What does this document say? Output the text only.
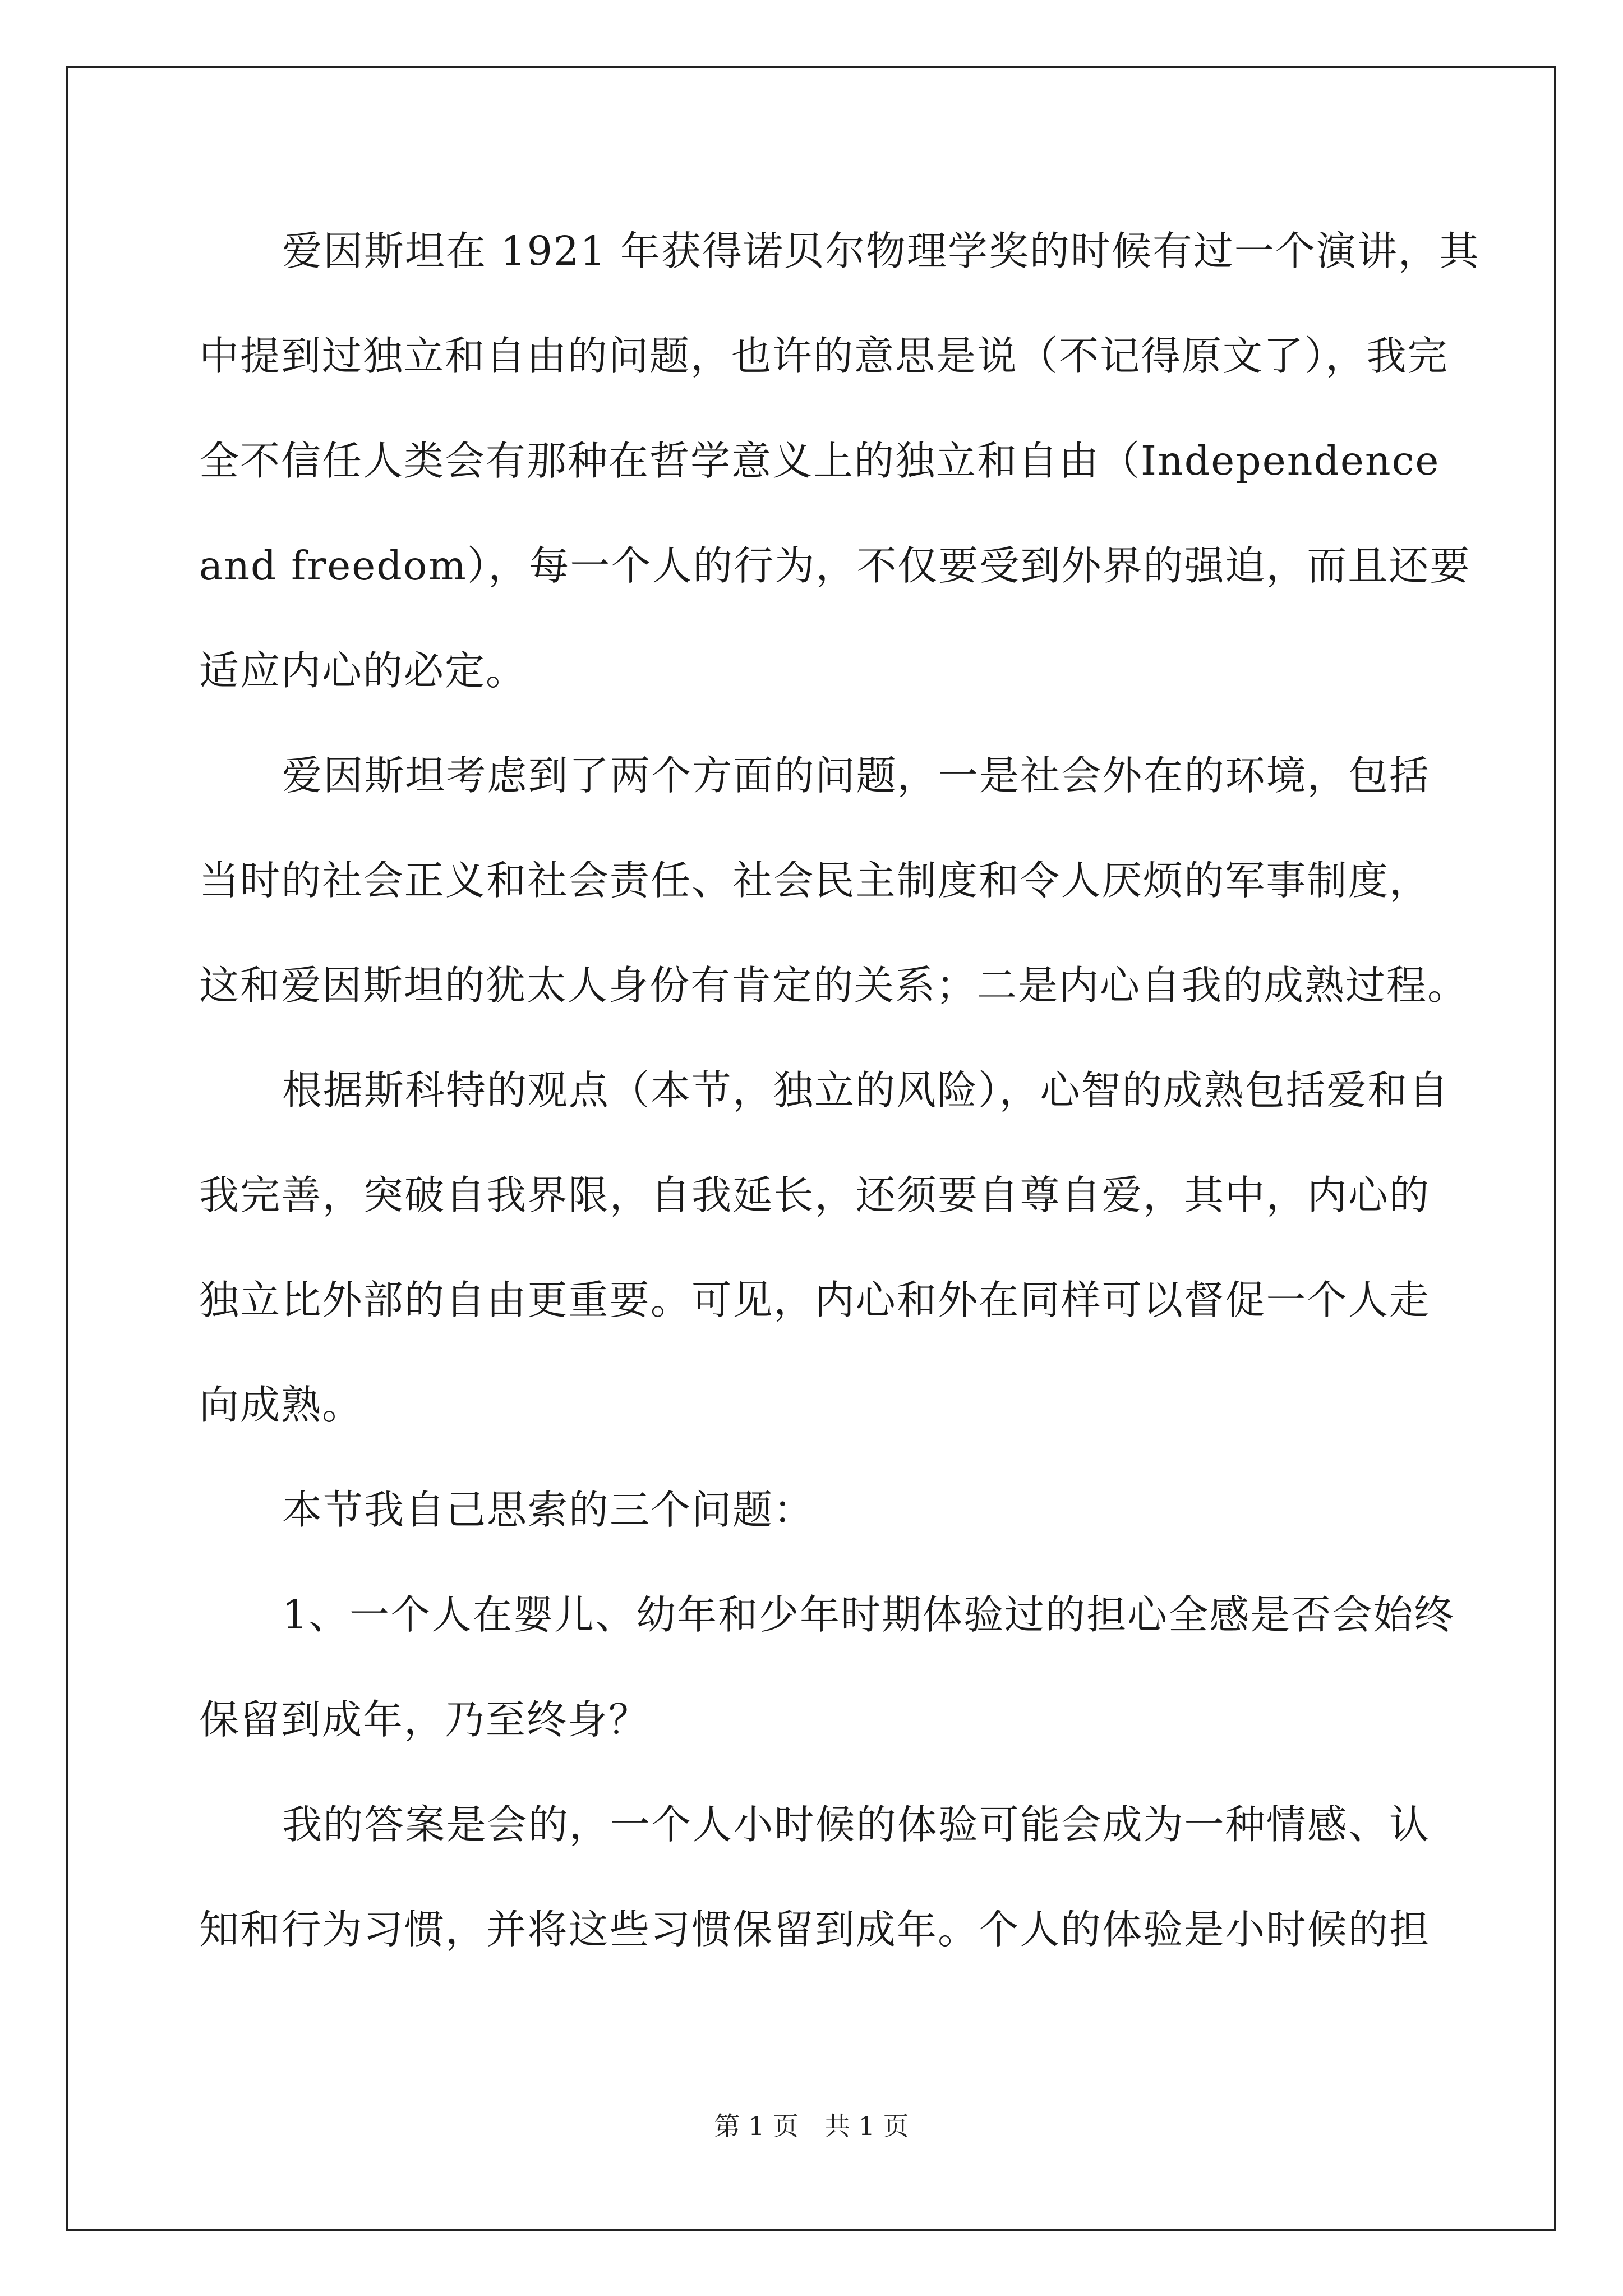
爱因斯坦在 1921 年获得诺贝尔物理学奖的时候有过一个演讲，其
中提到过独立和自由的问题，也许的意思是说（不记得原文了），我完
全不信任人类会有那种在哲学意义上的独立和自由（Independence
and freedom），每一个人的行为，不仅要受到外界的强迫，而且还要
适应内心的必定。
爱因斯坦考虑到了两个方面的问题，一是社会外在的环境，包括
当时的社会正义和社会责任、社会民主制度和令人厌烦的军事制度，
这和爱因斯坦的犹太人身份有肯定的关系；二是内心自我的成熟过程。
根据斯科特的观点（本节，独立的风险），心智的成熟包括爱和自
我完善，突破自我界限，自我延长，还须要自尊自爱，其中，内心的
独立比外部的自由更重要。可见，内心和外在同样可以督促一个人走
向成熟。
本节我自己思索的三个问题：
1、一个人在婴儿、幼年和少年时期体验过的担心全感是否会始终
保留到成年，乃至终身？
我的答案是会的，一个人小时候的体验可能会成为一种情感、认
知和行为习惯，并将这些习惯保留到成年。个人的体验是小时候的担
第 1 页　共 1 页
